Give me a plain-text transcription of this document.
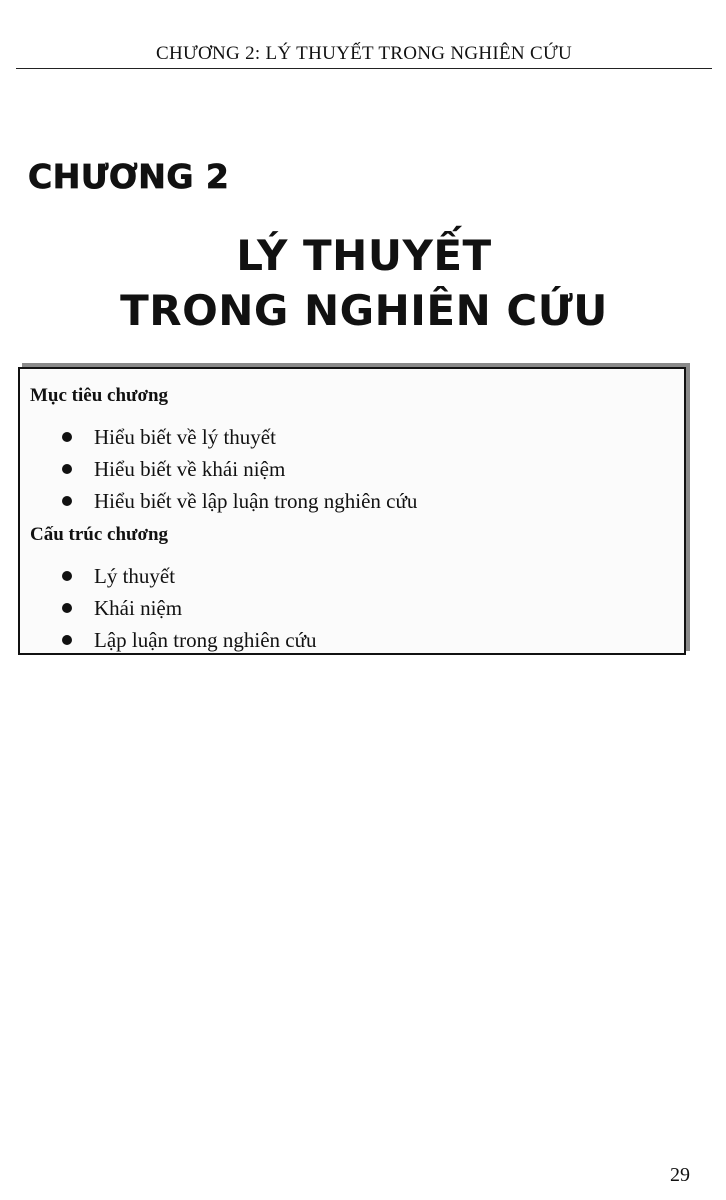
CHƯƠNG 2: LÝ THUYẾT TRONG NGHIÊN CỨU
CHƯƠNG 2
LÝ THUYẾT
TRONG NGHIÊN CỨU
Mục tiêu chương
Hiểu biết về lý thuyết
Hiểu biết về khái niệm
Hiểu biết về lập luận trong nghiên cứu
Cấu trúc chương
Lý thuyết
Khái niệm
Lập luận trong nghiên cứu
29
